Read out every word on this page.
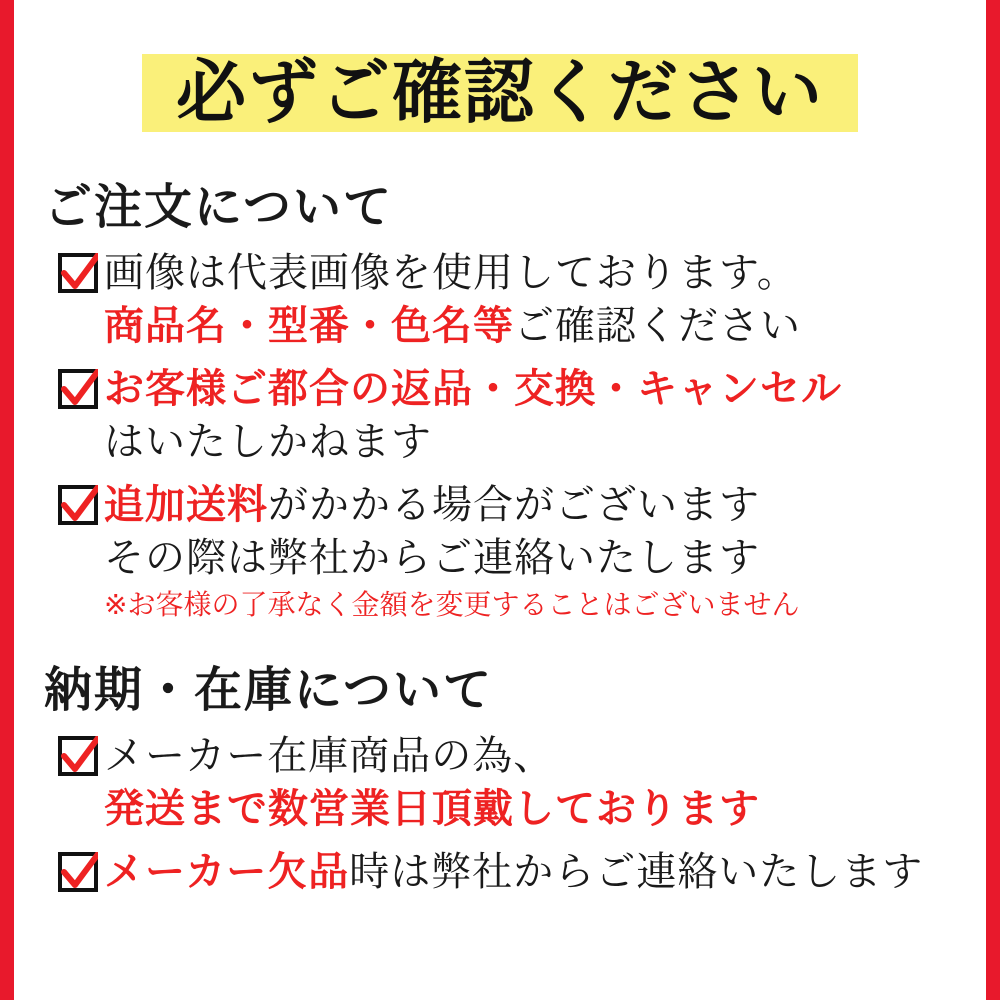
必ずご確認ください
ご注文について
画像は代表画像を使用しております。
商品名・型番・色名等ご確認ください
お客様ご都合の返品・交換・キャンセル
はいたしかねます
追加送料がかかる場合がございます
その際は弊社からご連絡いたします
※お客様の了承なく金額を変更することはございません
納期・在庫について
メーカー在庫商品の為、
発送まで数営業日頂戴しております
メーカー欠品時は弊社からご連絡いたします
